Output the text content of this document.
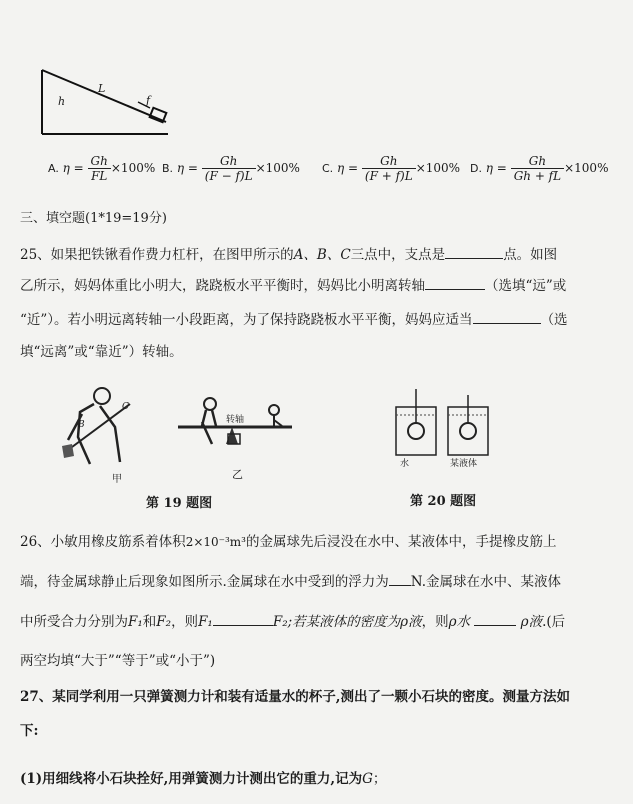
h
L
f
A. $\eta = \frac{Gh}{FL} \times 100\%$ B. $\eta = \frac{Gh}{(F - f)L} \times 100\%$ C. $\eta = \frac{Gh}{(F + f)L} \times 100\%$ D. $\eta = \frac{Gh}{Gh + fL} \times 100\%$
三、填空题(1*19=19分)
25、如果把铁锹看作费力杠杆，在图甲所示的A、B、C三点中，支点是	点。如图
乙所示，妈妈体重比小明大，跷跷板水平平衡时，妈妈比小明离转轴	（选填“远”或
“近”）。若小明远离转轴一小段距离，为了保持跷跷板水平平衡，妈妈应适当	（选
填“远离”或“靠近”）转轴。
B
C
转轴
甲	乙
第 19 题图
水	某液体
第 20 题图
26、小敏用橡皮筋系着体积2×10⁻³m³的金属球先后浸没在水中、某液体中，手提橡皮筋上
端，待金属球静止后现象如图所示.金属球在水中受到的浮力为 N.金属球在水中、某液体
中所受合力分别为F₁和F₂，则F₁	F₂;若某液体的密度为ρ液，则ρ水	ρ液.(后
两空均填“大于”“等于”或“小于”)
27、某同学利用一只弹簧测力计和装有适量水的杯子,测出了一颗小石块的密度。测量方法如
下:
(1)用细线将小石块拴好,用弹簧测力计测出它的重力,记为G；
